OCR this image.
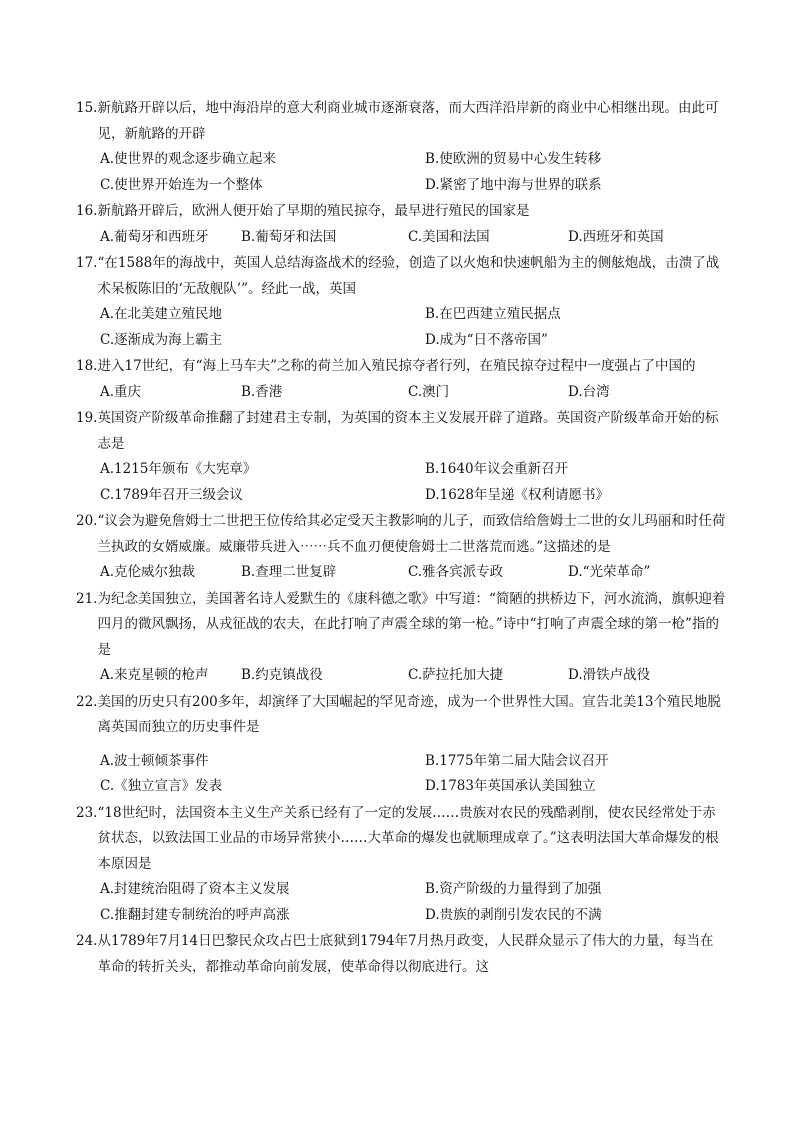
15. 新航路开辟以后，地中海沿岸的意大利商业城市逐渐衰落，而大西洋沿岸新的商业中心相继出现。由此可见，新航路的开辟
A.使世界的观念逐步确立起来	B.使欧洲的贸易中心发生转移
C.使世界开始连为一个整体	D.紧密了地中海与世界的联系
16. 新航路开辟后，欧洲人便开始了早期的殖民掠夺，最早进行殖民的国家是
A.葡萄牙和西班牙	B.葡萄牙和法国	C.美国和法国	D.西班牙和英国
17. “在1588年的海战中，英国人总结海盗战术的经验，创造了以火炮和快速帆船为主的侧舷炮战，击溃了战术呆板陈旧的‘无敌舰队’”。经此一战，英国
A.在北美建立殖民地	B.在巴西建立殖民据点
C.逐渐成为海上霸主	D.成为“日不落帝国”
18. 进入17世纪，有“海上马车夫”之称的荷兰加入殖民掠夺者行列，在殖民掠夺过程中一度强占了中国的
A.重庆	B.香港	C.澳门	D.台湾
19. 英国资产阶级革命推翻了封建君主专制，为英国的资本主义发展开辟了道路。英国资产阶级革命开始的标志是
A.1215年颁布《大宪章》	B.1640年议会重新召开
C.1789年召开三级会议	D.1628年呈递《权利请愿书》
20. “议会为避免詹姆士二世把王位传给其必定受天主教影响的儿子，而致信给詹姆士二世的女儿玛丽和时任荷兰执政的女婿威廉。威廉带兵进入⋯⋯兵不血刃便使詹姆士二世落荒而逃。”这描述的是
A.克伦威尔独裁	B.查理二世复辟	C.雅各宾派专政	D.“光荣革命”
21. 为纪念美国独立，美国著名诗人爱默生的《康科德之歌》中写道：“简陋的拱桥边下，河水流淌，旗帜迎着四月的微风飘扬，从戎征战的农夫，在此打响了声震全球的第一枪。”诗中“打响了声震全球的第一枪”指的是
A.来克星顿的枪声	B.约克镇战役	C.萨拉托加大捷	D.滑铁卢战役
22. 美国的历史只有200多年，却演绎了大国崛起的罕见奇迹，成为一个世界性大国。宣告北美13个殖民地脱离英国而独立的历史事件是
A.波士顿倾茶事件	B.1775年第二届大陆会议召开
C.《独立宣言》发表	D.1783年英国承认美国独立
23. “18世纪时，法国资本主义生产关系已经有了一定的发展……贵族对农民的残酷剥削，使农民经常处于赤贫状态，以致法国工业品的市场异常狭小……大革命的爆发也就顺理成章了。”这表明法国大革命爆发的根本原因是
A.封建统治阻碍了资本主义发展	B.资产阶级的力量得到了加强
C.推翻封建专制统治的呼声高涨	D.贵族的剥削引发农民的不满
24. 从1789年7月14日巴黎民众攻占巴士底狱到1794年7月热月政变，人民群众显示了伟大的力量，每当在革命的转折关头，都推动革命向前发展，使革命得以彻底进行。这
